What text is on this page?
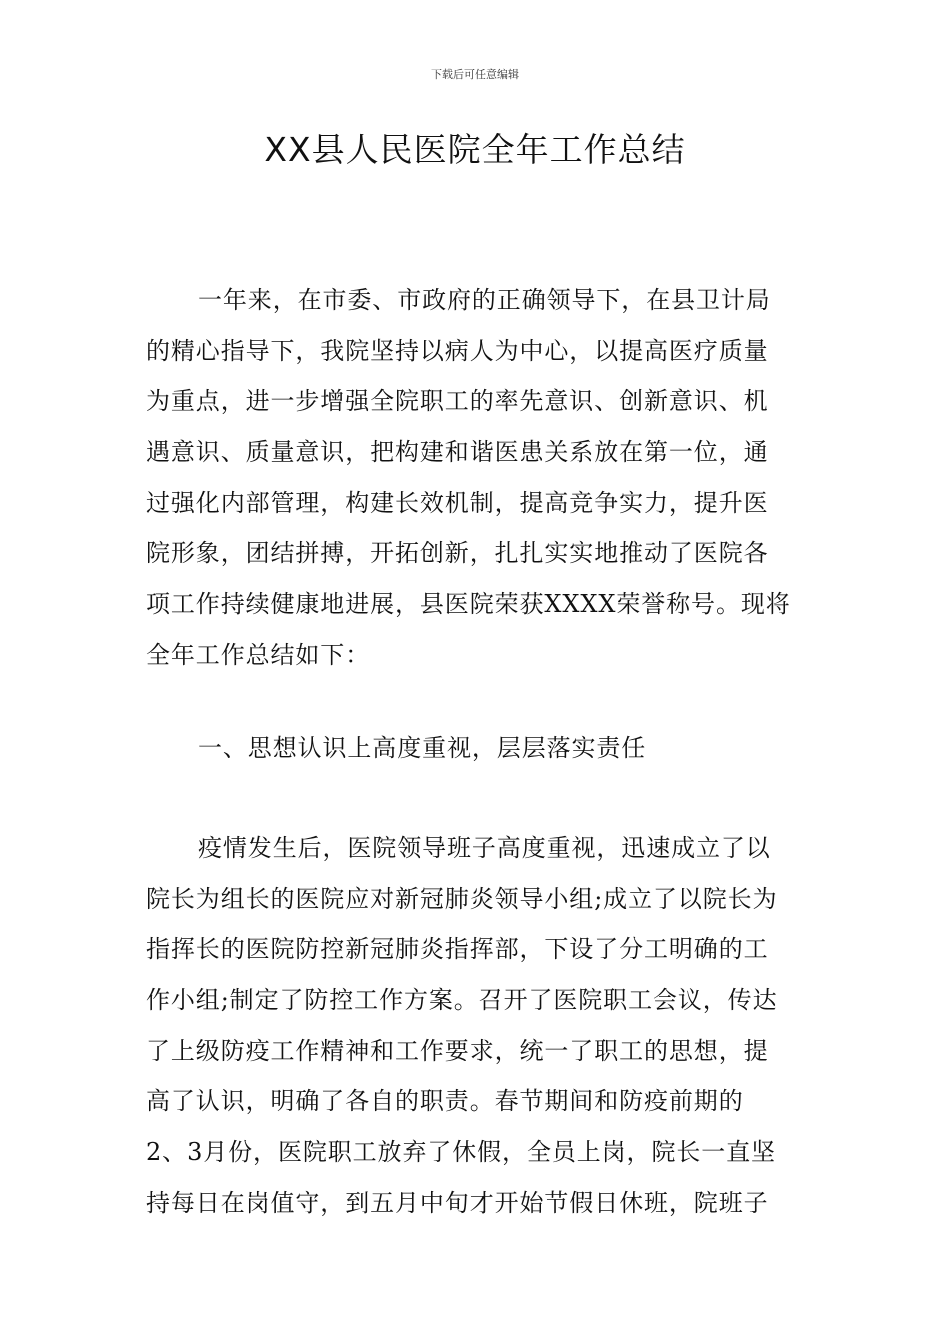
下载后可任意编辑
XX县人民医院全年工作总结
一年来，在市委、市政府的正确领导下，在县卫计局
的精心指导下，我院坚持以病人为中心，以提高医疗质量
为重点，进一步增强全院职工的率先意识、创新意识、机
遇意识、质量意识，把构建和谐医患关系放在第一位，通
过强化内部管理，构建长效机制，提高竞争实力，提升医
院形象，团结拼搏，开拓创新，扎扎实实地推动了医院各
项工作持续健康地进展，县医院荣获XXXX荣誉称号。现将
全年工作总结如下：
一、思想认识上高度重视，层层落实责任
疫情发生后，医院领导班子高度重视，迅速成立了以
院长为组长的医院应对新冠肺炎领导小组;成立了以院长为
指挥长的医院防控新冠肺炎指挥部，下设了分工明确的工
作小组;制定了防控工作方案。召开了医院职工会议，传达
了上级防疫工作精神和工作要求，统一了职工的思想，提
高了认识，明确了各自的职责。春节期间和防疫前期的
2、3月份，医院职工放弃了休假，全员上岗，院长一直坚
持每日在岗值守，到五月中旬才开始节假日休班，院班子
